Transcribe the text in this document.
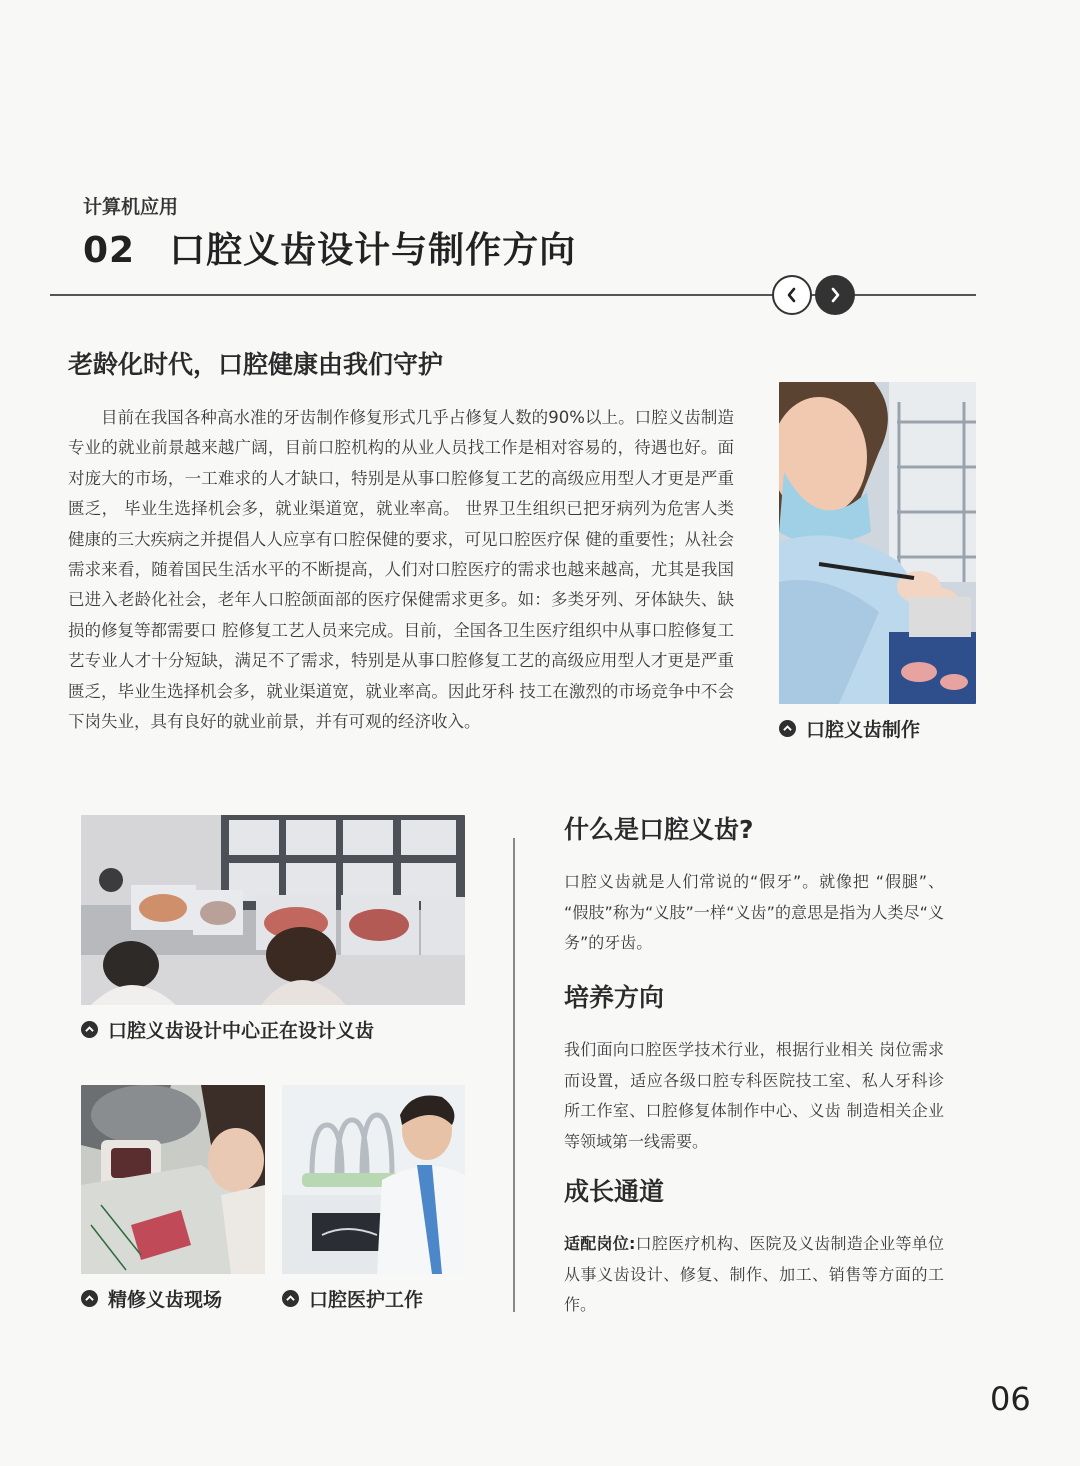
计算机应用
02 口腔义齿设计与制作方向
老龄化时代，口腔健康由我们守护
目前在我国各种高水准的牙齿制作修复形式几乎占修复人数的90%以上。口腔义齿制造专业的就业前景越来越广阔，目前口腔机构的从业人员找工作是相对容易的，待遇也好。面对庞大的市场，一工难求的人才缺口，特别是从事口腔修复工艺的高级应用型人才更是严重匮乏， 毕业生选择机会多，就业渠道宽，就业率高。 世界卫生组织已把牙病列为危害人类健康的三大疾病之并提倡人人应享有口腔保健的要求，可见口腔医疗保 健的重要性；从社会需求来看，随着国民生活水平的不断提高，人们对口腔医疗的需求也越来越高，尤其是我国已进入老龄化社会，老年人口腔颌面部的医疗保健需求更多。如：多类牙列、牙体缺失、缺损的修复等都需要口 腔修复工艺人员来完成。目前，全国各卫生医疗组织中从事口腔修复工艺专业人才十分短缺，满足不了需求，特别是从事口腔修复工艺的高级应用型人才更是严重匮乏，毕业生选择机会多，就业渠道宽，就业率高。因此牙科 技工在激烈的市场竞争中不会下岗失业，具有良好的就业前景，并有可观的经济收入。	口腔义齿制作
口腔义齿设计中心正在设计义齿
精修义齿现场	口腔医护工作
什么是口腔义齿?
口腔义齿就是人们常说的“假牙”。就像把 “假腿”、 “假肢”称为“义肢”一样“义齿”的意思是指为人类尽“义务”的牙齿。
培养方向
我们面向口腔医学技术行业，根据行业相关 岗位需求而设置，适应各级口腔专科医院技工室、私人牙科诊所工作室、口腔修复体制作中心、义齿 制造相关企业等领域第一线需要。
成长通道
适配岗位:口腔医疗机构、医院及义齿制造企业等单位从事义齿设计、修复、制作、加工、销售等方面的工作。
06
